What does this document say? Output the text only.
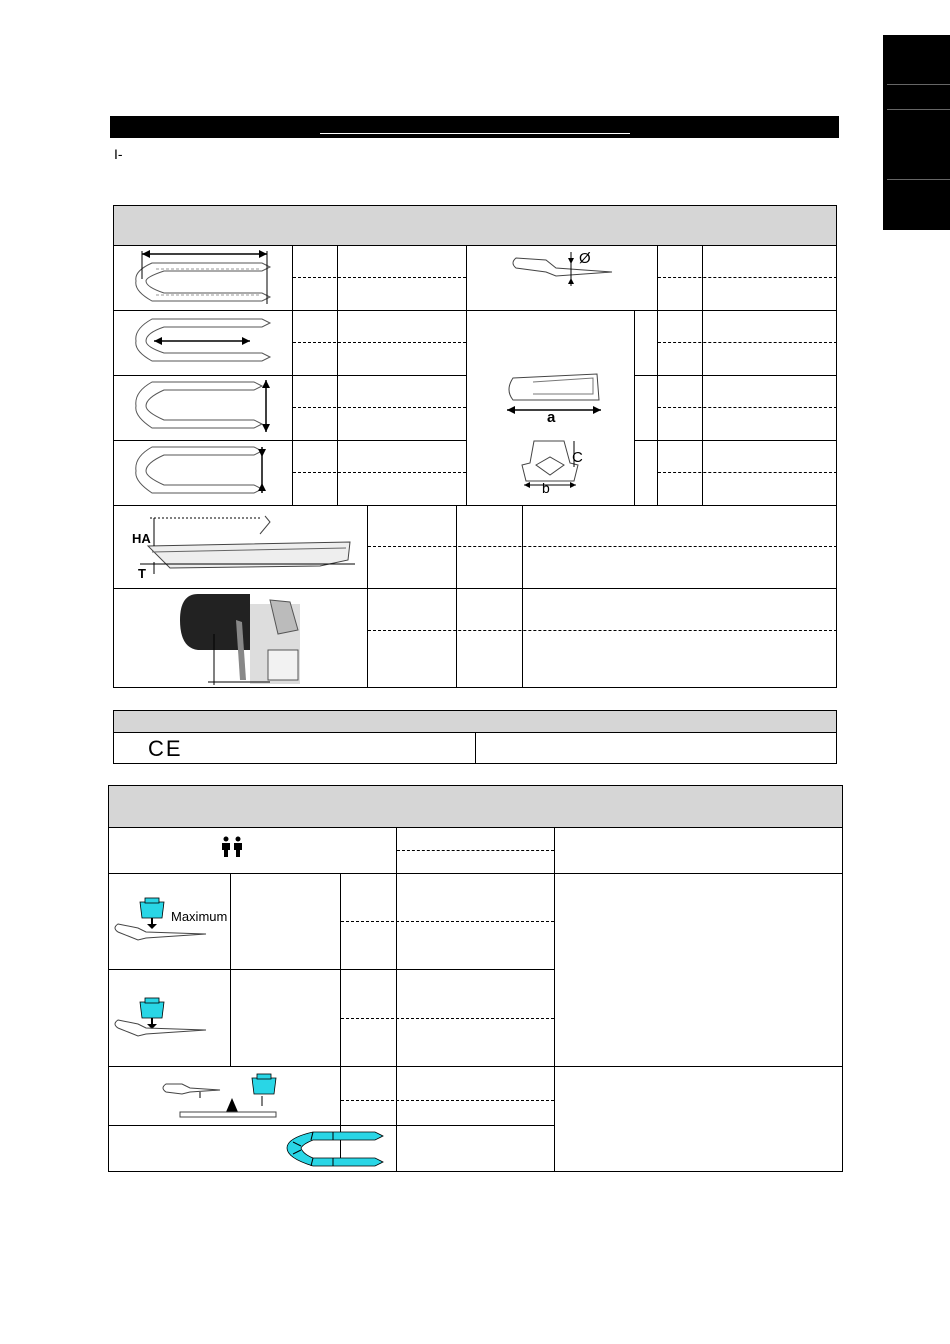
I-
Ø
a
C
b
HA
T
CE
Maximum
